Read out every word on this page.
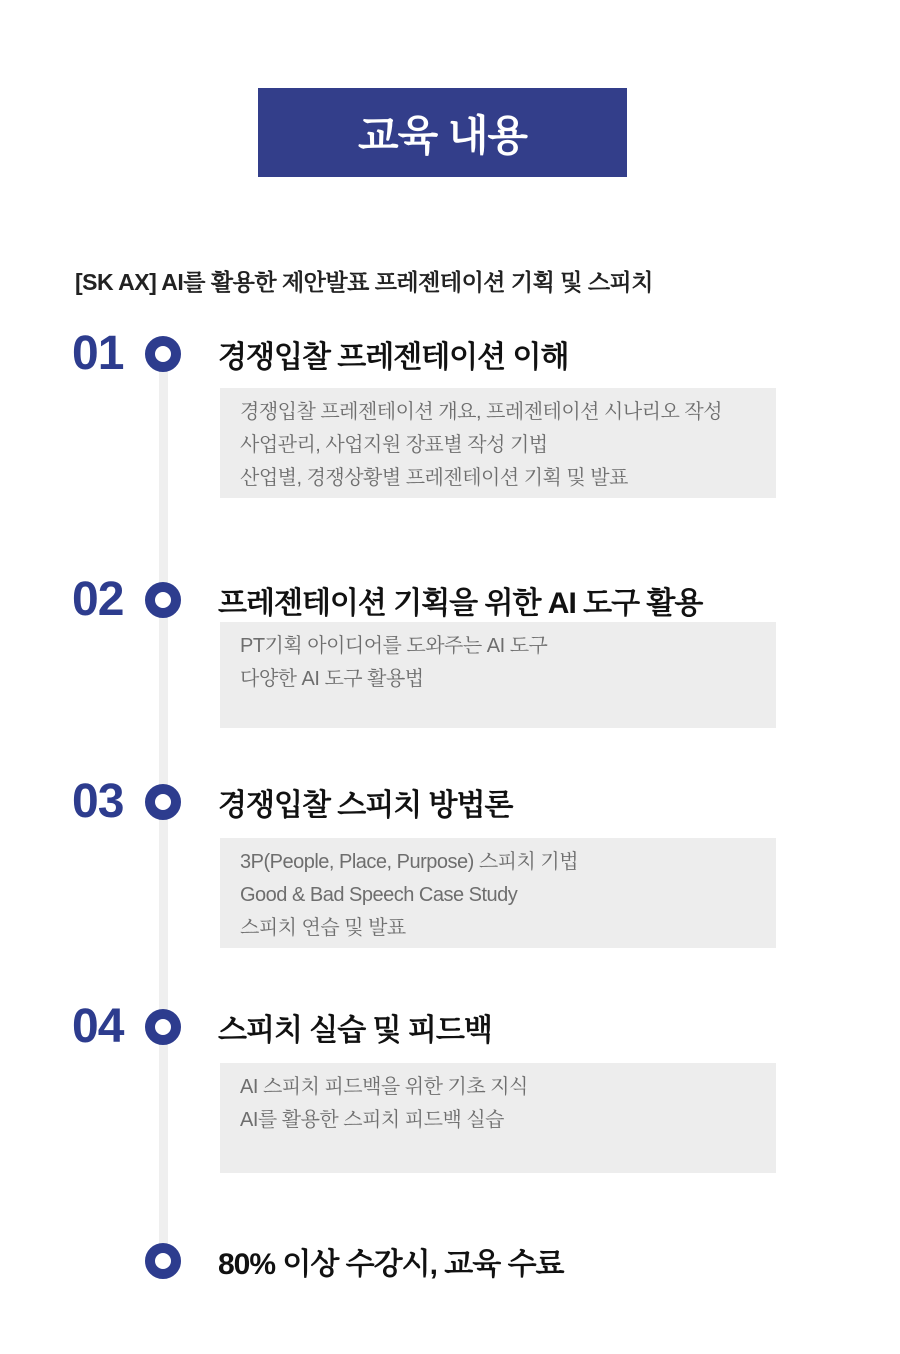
교육 내용
[SK AX] AI를 활용한 제안발표 프레젠테이션 기획 및 스피치
01	경쟁입찰 프레젠테이션 이해
경쟁입찰 프레젠테이션 개요, 프레젠테이션 시나리오 작성
사업관리, 사업지원 장표별 작성 기법
산업별, 경쟁상황별 프레젠테이션 기획 및 발표
02	프레젠테이션 기획을 위한 AI 도구 활용
PT기획 아이디어를 도와주는 AI 도구
다양한 AI 도구 활용법
03	경쟁입찰 스피치 방법론
3P(People, Place, Purpose) 스피치 기법
Good & Bad Speech Case Study
스피치 연습 및 발표
04	스피치 실습 및 피드백
AI 스피치 피드백을 위한 기초 지식
AI를 활용한 스피치 피드백 실습
80% 이상 수강시, 교육 수료
